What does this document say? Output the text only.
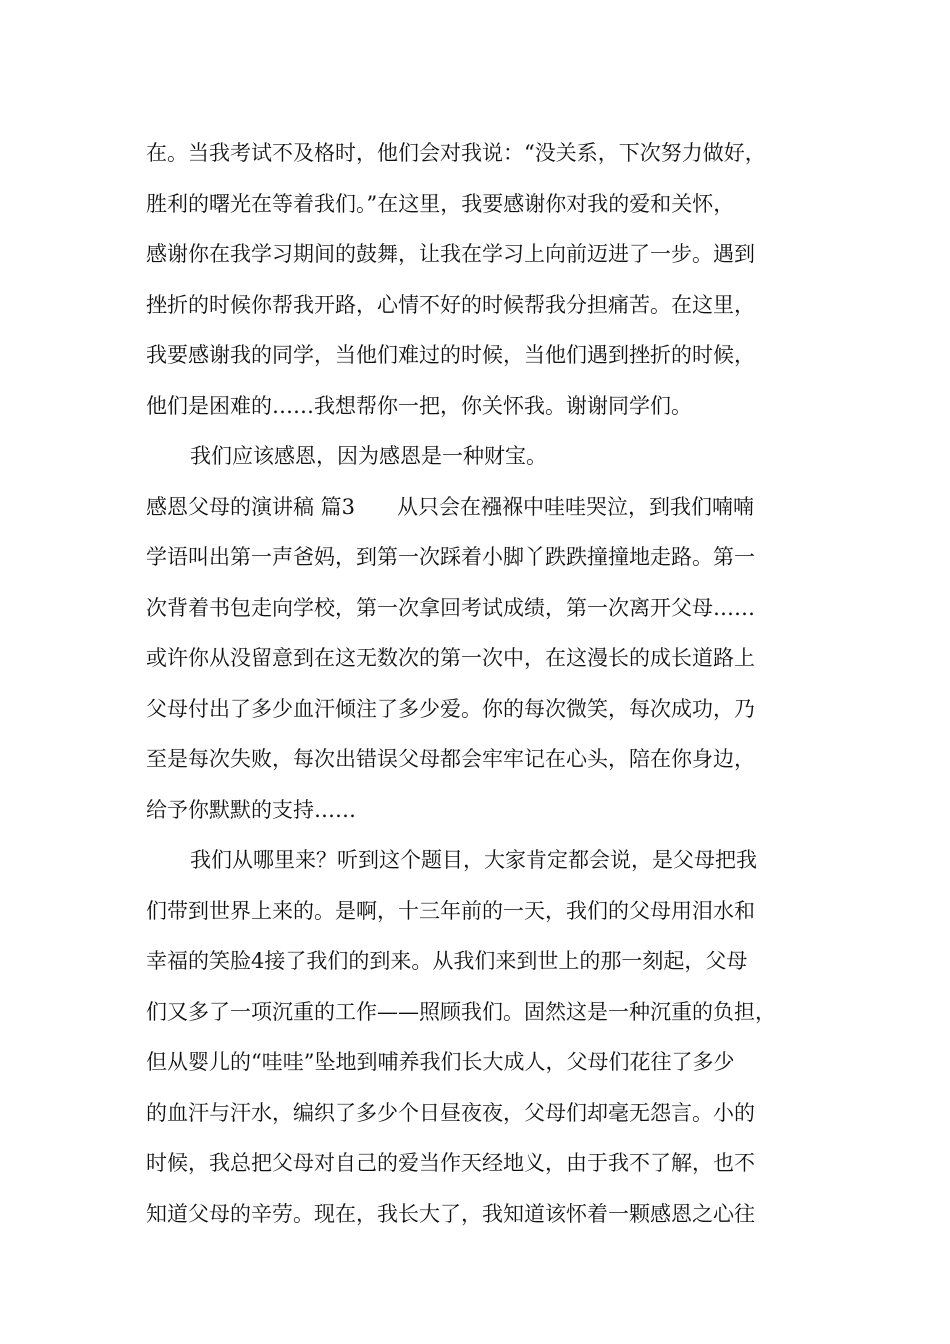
在。当我考试不及格时，他们会对我说：“没关系，下次努力做好，
胜利的曙光在等着我们。”在这里，我要感谢你对我的爱和关怀，
感谢你在我学习期间的鼓舞，让我在学习上向前迈进了一步。遇到
挫折的时候你帮我开路，心情不好的时候帮我分担痛苦。在这里，
我要感谢我的同学，当他们难过的时候，当他们遇到挫折的时候，
他们是困难的……我想帮你一把，你关怀我。谢谢同学们。
我们应该感恩，因为感恩是一种财宝。
感恩父母的演讲稿 篇3　　从只会在襁褓中哇哇哭泣，到我们喃喃
学语叫出第一声爸妈，到第一次踩着小脚丫跌跌撞撞地走路。第一
次背着书包走向学校，第一次拿回考试成绩，第一次离开父母……
或许你从没留意到在这无数次的第一次中，在这漫长的成长道路上
父母付出了多少血汗倾注了多少爱。你的每次微笑，每次成功，乃
至是每次失败，每次出错误父母都会牢牢记在心头，陪在你身边，
给予你默默的支持……
我们从哪里来？听到这个题目，大家肯定都会说，是父母把我
们带到世界上来的。是啊，十三年前的一天，我们的父母用泪水和
幸福的笑脸4接了我们的到来。从我们来到世上的那一刻起，父母
们又多了一项沉重的工作——照顾我们。固然这是一种沉重的负担，
但从婴儿的“哇哇”坠地到哺养我们长大成人，父母们花往了多少
的血汗与汗水，编织了多少个日昼夜夜，父母们却毫无怨言。小的
时候，我总把父母对自己的爱当作天经地义，由于我不了解，也不
知道父母的辛劳。现在，我长大了，我知道该怀着一颗感恩之心往
